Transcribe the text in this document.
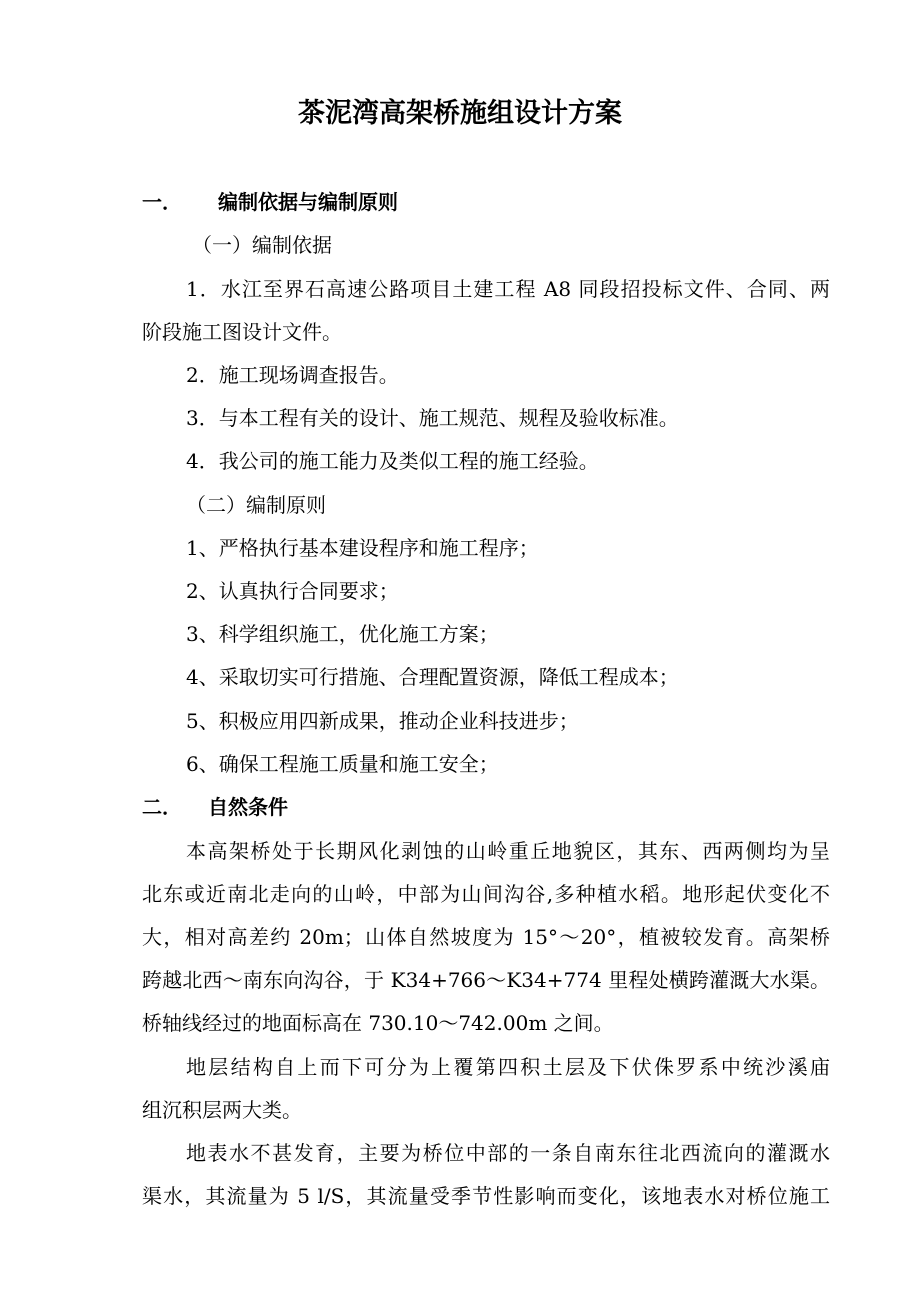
茶泥湾高架桥施组设计方案
一． 编制依据与编制原则
（一）编制依据
1．水江至界石高速公路项目土建工程 A8 同段招投标文件、合同、两
阶段施工图设计文件。
2．施工现场调查报告。
3．与本工程有关的设计、施工规范、规程及验收标准。
4．我公司的施工能力及类似工程的施工经验。
（二）编制原则
1、严格执行基本建设程序和施工程序；
2、认真执行合同要求；
3、科学组织施工，优化施工方案；
4、采取切实可行措施、合理配置资源，降低工程成本；
5、积极应用四新成果，推动企业科技进步；
6、确保工程施工质量和施工安全；
二． 自然条件
本高架桥处于长期风化剥蚀的山岭重丘地貌区，其东、西两侧均为呈
北东或近南北走向的山岭，中部为山间沟谷,多种植水稻。地形起伏变化不
大，相对高差约 20m；山体自然坡度为 15°～20°，植被较发育。高架桥
跨越北西～南东向沟谷，于 K34+766～K34+774 里程处横跨灌溉大水渠。
桥轴线经过的地面标高在 730.10～742.00m 之间。
地层结构自上而下可分为上覆第四积土层及下伏侏罗系中统沙溪庙
组沉积层两大类。
地表水不甚发育，主要为桥位中部的一条自南东往北西流向的灌溉水
渠水，其流量为 5 l/S，其流量受季节性影响而变化，该地表水对桥位施工
